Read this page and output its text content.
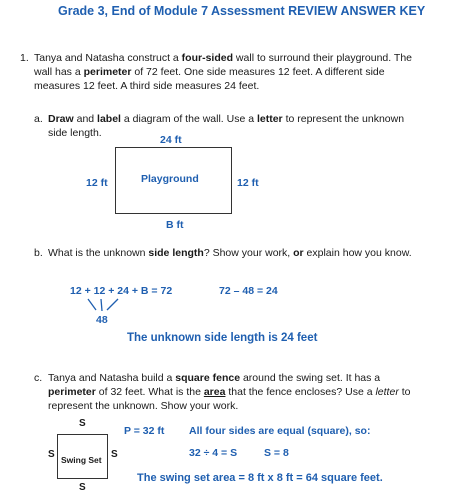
Grade 3, End of Module 7 Assessment REVIEW ANSWER KEY
1. Tanya and Natasha construct a four-sided wall to surround their playground. The
wall has a perimeter of 72 feet. One side measures 12 feet. A different side
measures 12 feet. A third side measures 24 feet.
a. Draw and label a diagram of the wall. Use a letter to represent the unknown
side length.
24 ft
Playground
12 ft	12 ft
B ft
b. What is the unknown side length? Show your work, or explain how you know.
12 + 12 + 24 + B = 72	72 – 48 = 24
48
The unknown side length is 24 feet
c. Tanya and Natasha build a square fence around the swing set. It has a
perimeter of 32 feet. What is the area that the fence encloses? Use a letter to
represent the unknown. Show your work.
S
Swing Set
S	S
S
P = 32 ft All four sides are equal (square), so:
32 ÷ 4 = S	S = 8
The swing set area = 8 ft x 8 ft = 64 square feet.
